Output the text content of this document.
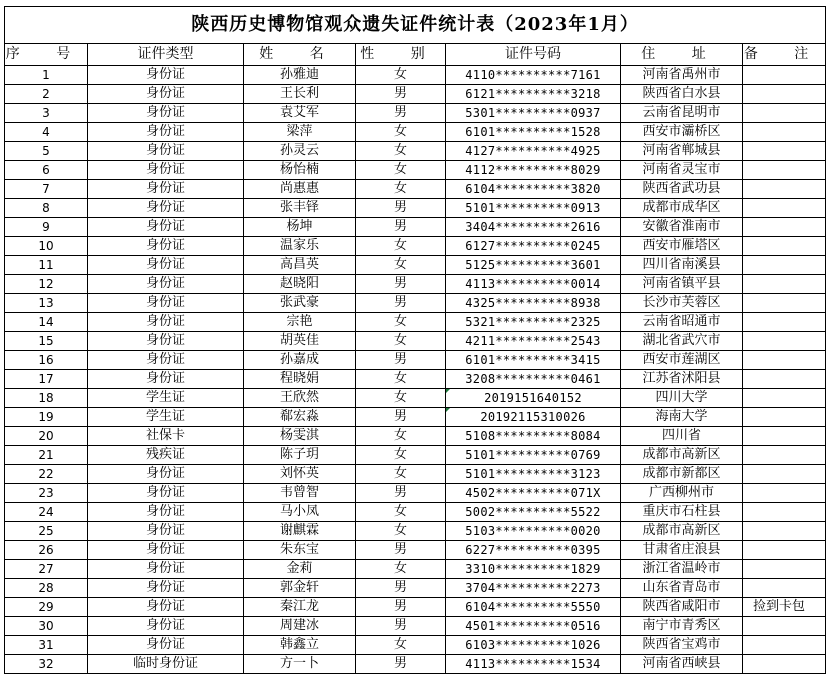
陕西历史博物馆观众遗失证件统计表（2023年1月）						
序 号	证件类型	姓 名	性 别	证件号码	住 址	备 注
1	身份证	孙雅迪	女	4110**********7161	河南省禹州市	
2	身份证	王长利	男	6121**********3218	陕西省白水县	
3	身份证	袁艾军	男	5301**********0937	云南省昆明市	
4	身份证	梁萍	女	6101**********1528	西安市灞桥区	
5	身份证	孙灵云	女	4127**********4925	河南省郸城县	
6	身份证	杨怡楠	女	4112**********8029	河南省灵宝市	
7	身份证	尚惠惠	女	6104**********3820	陕西省武功县	
8	身份证	张丰铎	男	5101**********0913	成都市成华区	
9	身份证	杨坤	男	3404**********2616	安徽省淮南市	
10	身份证	温家乐	女	6127**********0245	西安市雁塔区	
11	身份证	高昌英	女	5125**********3601	四川省南溪县	
12	身份证	赵晓阳	男	4113**********0014	河南省镇平县	
13	身份证	张武豪	男	4325**********8938	长沙市芙蓉区	
14	身份证	宗艳	女	5321**********2325	云南省昭通市	
15	身份证	胡英佳	女	4211**********2543	湖北省武穴市	
16	身份证	孙嘉成	男	6101**********3415	西安市莲湖区	
17	身份证	程晓娟	女	3208**********0461	江苏省沭阳县	
18	学生证	王欣然	女	2019151640152	四川大学	
19	学生证	郗宏淼	男	20192115310026	海南大学	
20	社保卡	杨雯淇	女	5108**********8084	四川省	
21	残疾证	陈子玥	女	5101**********0769	成都市高新区	
22	身份证	刘怀英	女	5101**********3123	成都市新都区	
23	身份证	韦曾智	男	4502**********071X	广西柳州市	
24	身份证	马小凤	女	5002**********5522	重庆市石柱县	
25	身份证	谢麒霖	女	5103**********0020	成都市高新区	
26	身份证	朱东宝	男	6227**********0395	甘肃省庄浪县	
27	身份证	金莉	女	3310**********1829	浙江省温岭市	
28	身份证	郭金轩	男	3704**********2273	山东省青岛市	
29	身份证	秦江龙	男	6104**********5550	陕西省咸阳市	捡到卡包
30	身份证	周建冰	男	4501**********0516	南宁市青秀区	
31	身份证	韩鑫立	女	6103**********1026	陕西省宝鸡市	
32	临时身份证	方一卜	男	4113**********1534	河南省西峡县	
